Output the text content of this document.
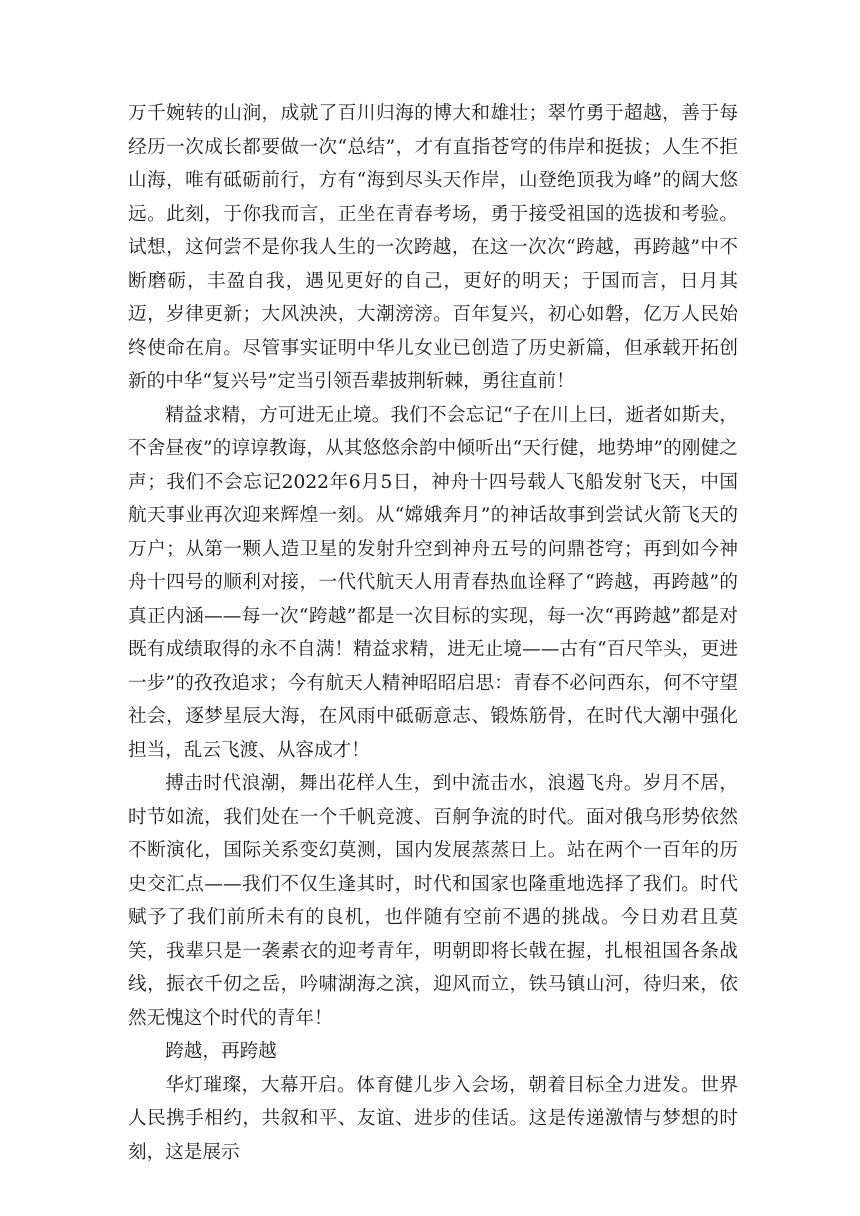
万千婉转的山涧，成就了百川归海的博大和雄壮；翠竹勇于超越，善于每经历一次成长都要做一次“总结”，才有直指苍穹的伟岸和挺拔；人生不拒山海，唯有砥砺前行，方有“海到尽头天作岸，山登绝顶我为峰”的阔大悠远。此刻，于你我而言，正坐在青春考场，勇于接受祖国的选拔和考验。试想，这何尝不是你我人生的一次跨越，在这一次次“跨越，再跨越”中不断磨砺，丰盈自我，遇见更好的自己，更好的明天；于国而言，日月其迈，岁律更新；大风泱泱，大潮滂滂。百年复兴，初心如磐，亿万人民始终使命在肩。尽管事实证明中华儿女业已创造了历史新篇，但承载开拓创新的中华“复兴号”定当引领吾辈披荆斩棘，勇往直前！

精益求精，方可进无止境。我们不会忘记“子在川上曰，逝者如斯夫，不舍昼夜”的谆谆教诲，从其悠悠余韵中倾听出“天行健，地势坤”的刚健之声；我们不会忘记2022年6月5日，神舟十四号载人飞船发射飞天，中国航天事业再次迎来辉煌一刻。从“嫦娥奔月”的神话故事到尝试火箭飞天的万户；从第一颗人造卫星的发射升空到神舟五号的问鼎苍穹；再到如今神舟十四号的顺利对接，一代代航天人用青春热血诠释了“跨越，再跨越”的真正内涵——每一次“跨越”都是一次目标的实现，每一次“再跨越”都是对既有成绩取得的永不自满！精益求精，进无止境——古有“百尺竿头，更进一步”的孜孜追求；今有航天人精神昭昭启思：青春不必问西东，何不守望社会，逐梦星辰大海，在风雨中砥砺意志、锻炼筋骨，在时代大潮中强化担当，乱云飞渡、从容成才！

搏击时代浪潮，舞出花样人生，到中流击水，浪遏飞舟。岁月不居，时节如流，我们处在一个千帆竞渡、百舸争流的时代。面对俄乌形势依然不断演化，国际关系变幻莫测，国内发展蒸蒸日上。站在两个一百年的历史交汇点——我们不仅生逢其时，时代和国家也隆重地选择了我们。时代赋予了我们前所未有的良机，也伴随有空前不遇的挑战。今日劝君且莫笑，我辈只是一袭素衣的迎考青年，明朝即将长戟在握，扎根祖国各条战线，振衣千仞之岳，吟啸湖海之滨，迎风而立，铁马镇山河，待归来，依然无愧这个时代的青年！

跨越，再跨越

华灯璀璨，大幕开启。体育健儿步入会场，朝着目标全力进发。世界人民携手相约，共叙和平、友谊、进步的佳话。这是传递激情与梦想的时刻，这是展示
